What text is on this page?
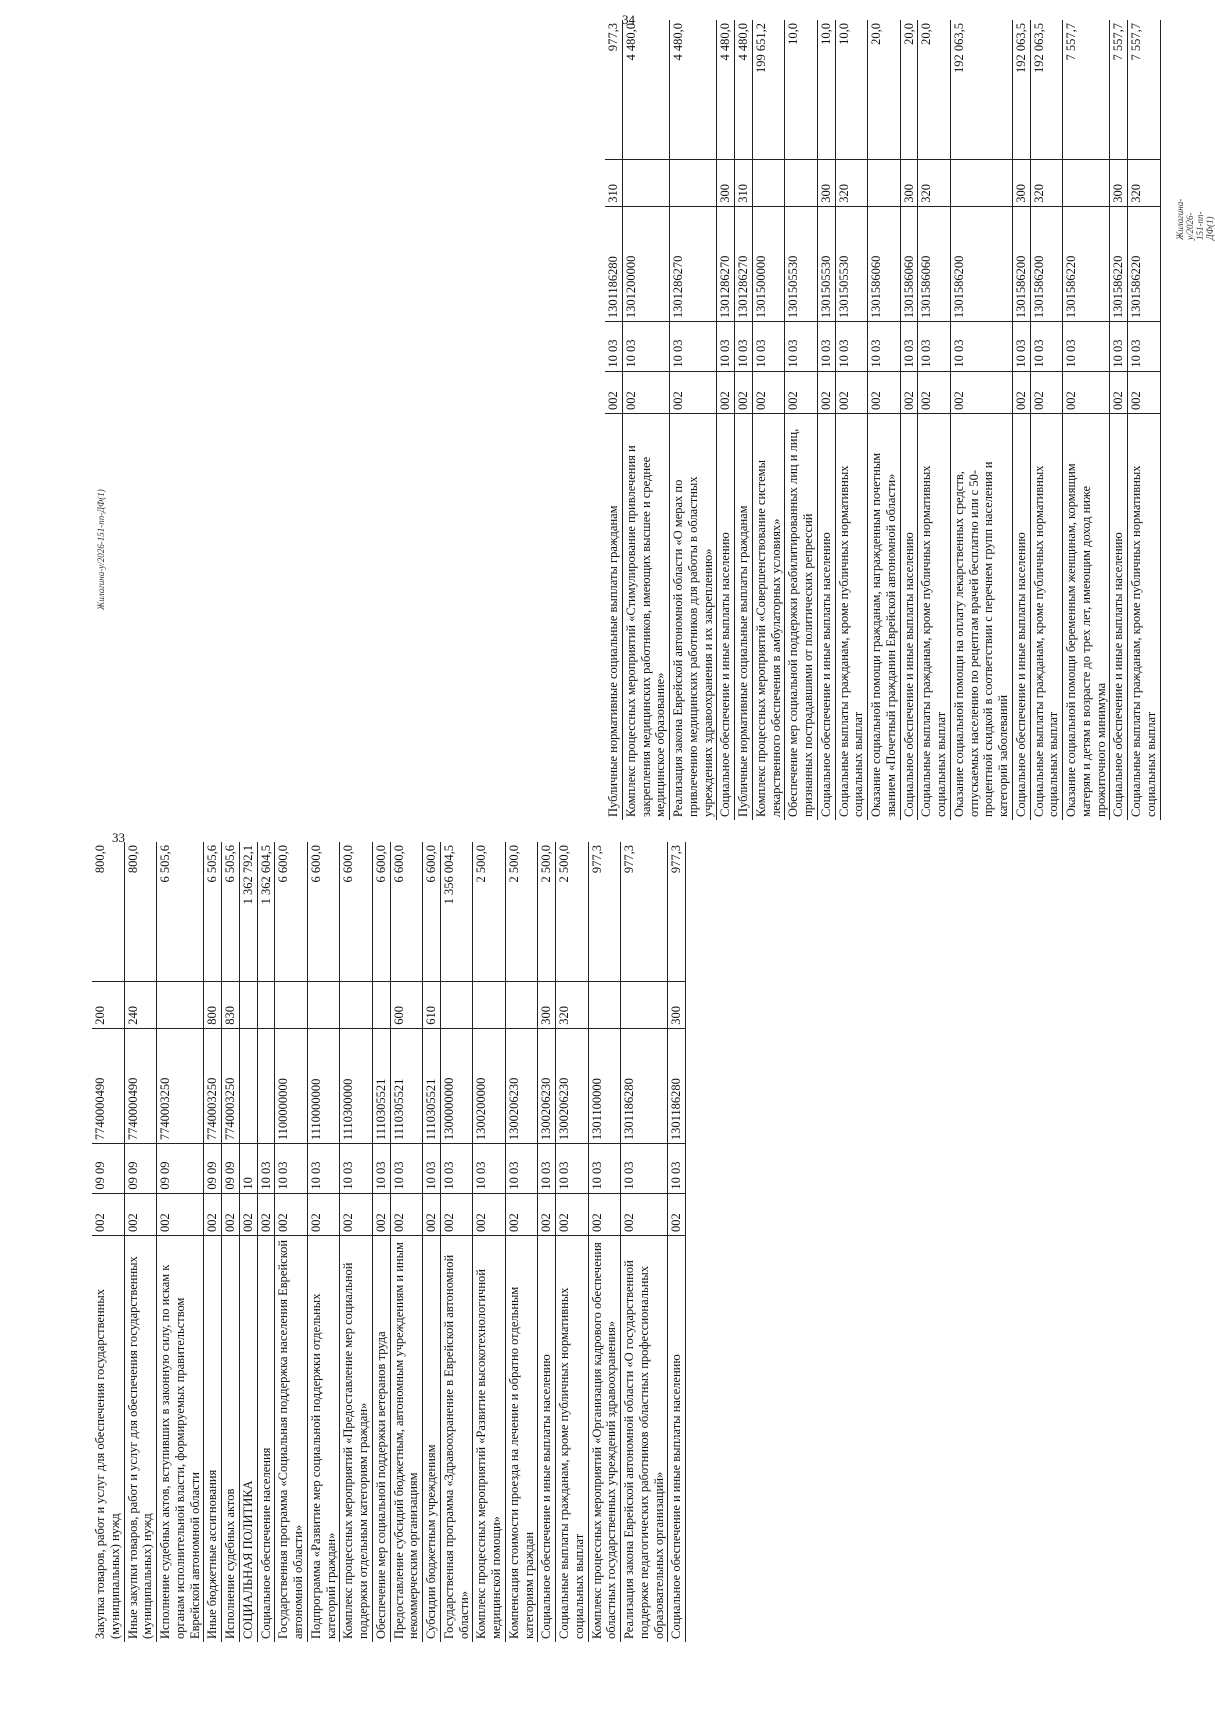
Закупка товаров, работ и услуг для обеспечения государственных (муниципальных) нужд	002	09 09	7740000490	200	800,0
Иные закупки товаров, работ и услуг для обеспечения государственных (муниципальных) нужд	002	09 09	7740000490	240	800,0
Исполнение судебных актов, вступивших в законную силу, по искам к органам исполнительной власти, формируемых правительством Еврейской автономной области	002	09 09	7740003250		6 505,6
Иные бюджетные ассигнования	002	09 09	7740003250	800	6 505,6
Исполнение судебных актов	002	09 09	7740003250	830	6 505,6
СОЦИАЛЬНАЯ ПОЛИТИКА	002	10			1 362 792,1
Социальное обеспечение населения	002	10 03			1 362 604,5
Государственная программа «Социальная поддержка населения Еврейской автономной области»	002	10 03	1100000000		6 600,0
Подпрограмма «Развитие мер социальной поддержки отдельных категорий граждан»	002	10 03	1110000000		6 600,0
Комплекс процессных мероприятий «Предоставление мер социальной поддержки отдельным категориям граждан»	002	10 03	1110300000		6 600,0
Обеспечение мер социальной поддержки ветеранов труда	002	10 03	1110305521		6 600,0
Предоставление субсидий бюджетным, автономным учреждениям и иным некоммерческим организациям	002	10 03	1110305521	600	6 600,0
Субсидии бюджетным учреждениям	002	10 03	1110305521	610	6 600,0
Государственная программа «Здравоохранение в Еврейской автономной области»	002	10 03	1300000000		1 356 004,5
Комплекс процессных мероприятий «Развитие высокотехнологичной медицинской помощи»	002	10 03	1300200000		2 500,0
Компенсация стоимости проезда на лечение и обратно отдельным категориям граждан	002	10 03	1300206230		2 500,0
Социальное обеспечение и иные выплаты населению	002	10 03	1300206230	300	2 500,0
Социальные выплаты гражданам, кроме публичных нормативных социальных выплат	002	10 03	1300206230	320	2 500,0
Комплекс процессных мероприятий «Организация кадрового обеспечения областных государственных учреждений здравоохранения»	002	10 03	1301100000		977,3
Реализация закона Еврейской автономной области «О государственной поддержке педагогических работников областных профессиональных образовательных организаций»	002	10 03	1301186280		977,3
Социальное обеспечение и иные выплаты населению	002	10 03	1301186280	300	977,3
33
Жилагина-у/2026-151-пп-ДФ(1)	Публичные нормативные социальные выплаты гражданам	002	10 03	1301186280	310	977,3
Комплекс процессных мероприятий «Стимулирование привлечения и закрепления медицинских работников, имеющих высшее и среднее медицинское образование»	002	10 03	1301200000		4 480,0
Реализация закона Еврейской автономной области «О мерах по привлечению медицинских работников для работы в областных учреждениях здравоохранения и их закреплению»	002	10 03	1301286270		4 480,0
Социальное обеспечение и иные выплаты населению	002	10 03	1301286270	300	4 480,0
Публичные нормативные социальные выплаты гражданам	002	10 03	1301286270	310	4 480,0
Комплекс процессных мероприятий «Совершенствование системы лекарственного обеспечения в амбулаторных условиях»	002	10 03	1301500000		199 651,2
Обеспечение мер социальной поддержки реабилитированных лиц и лиц, признанных пострадавшими от политических репрессий	002	10 03	1301505530		10,0
Социальное обеспечение и иные выплаты населению	002	10 03	1301505530	300	10,0
Социальные выплаты гражданам, кроме публичных нормативных социальных выплат	002	10 03	1301505530	320	10,0
Оказание социальной помощи гражданам, награжденным почетным званием «Почетный гражданин Еврейской автономной области»	002	10 03	1301586060		20,0
Социальное обеспечение и иные выплаты населению	002	10 03	1301586060	300	20,0
Социальные выплаты гражданам, кроме публичных нормативных социальных выплат	002	10 03	1301586060	320	20,0
Оказание социальной помощи на оплату лекарственных средств, отпускаемых населению по рецептам врачей бесплатно или с 50-процентной скидкой в соответствии с перечнем групп населения и категорий заболеваний	002	10 03	1301586200		192 063,5
Социальное обеспечение и иные выплаты населению	002	10 03	1301586200	300	192 063,5
Социальные выплаты гражданам, кроме публичных нормативных социальных выплат	002	10 03	1301586200	320	192 063,5
Оказание социальной помощи беременным женщинам, кормящим матерям и детям в возрасте до трех лет, имеющим доход ниже прожиточного минимума	002	10 03	1301586220		7 557,7
Социальное обеспечение и иные выплаты населению	002	10 03	1301586220	300	7 557,7
Социальные выплаты гражданам, кроме публичных нормативных социальных выплат	002	10 03	1301586220	320	7 557,7
34
Жилагина-у/2026-151-пп-ДФ(1)
